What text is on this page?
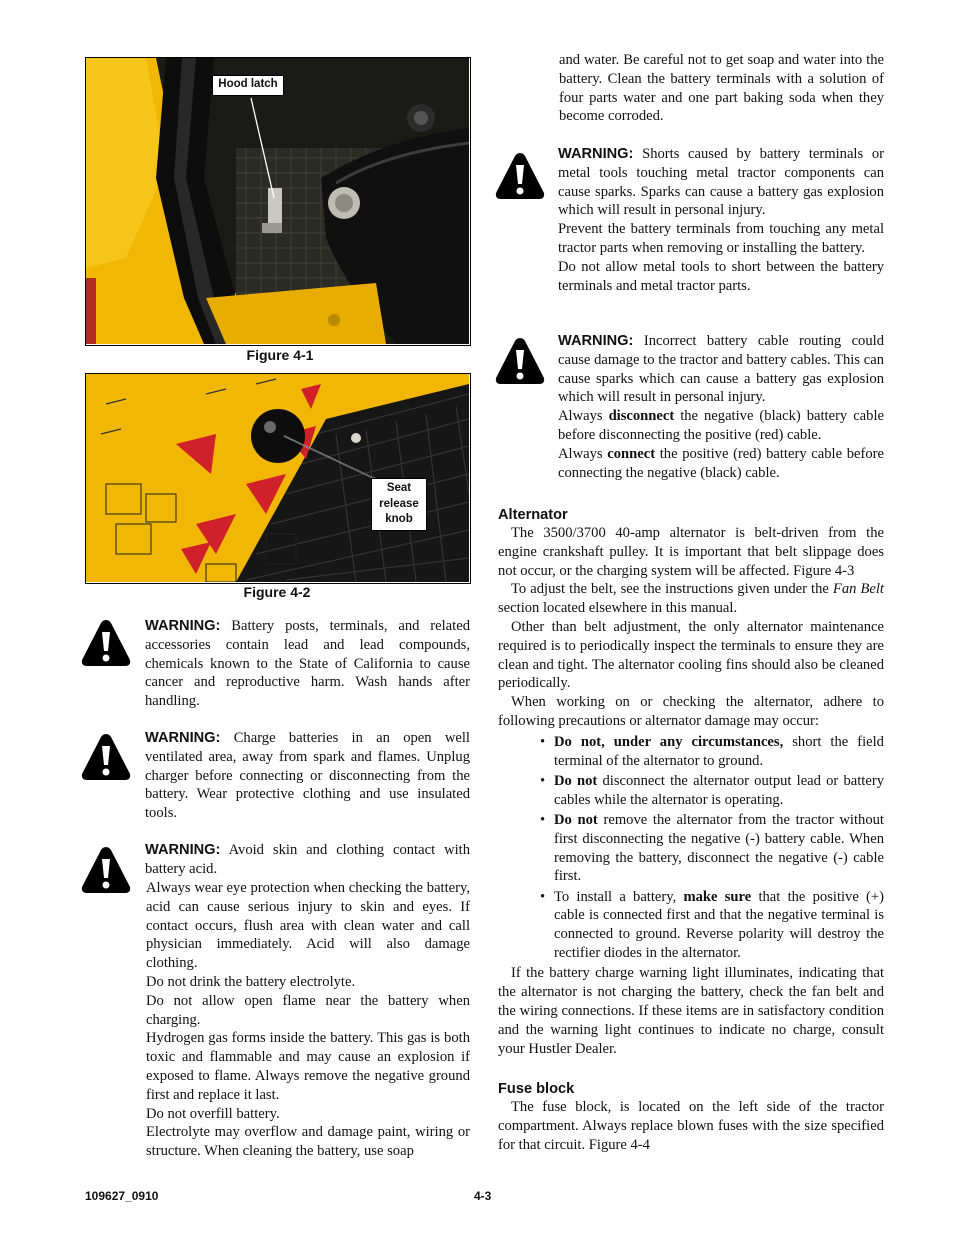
Hood latch
Figure 4-1
Seat
release
knob
Figure 4-2
WARNING: Battery posts, terminals, and related accessories contain lead and lead compounds, chemicals known to the State of California to cause cancer and reproductive harm. Wash hands after handling.
WARNING: Charge batteries in an open well ventilated area, away from spark and flames. Unplug charger before connecting or disconnecting from the battery. Wear protective clothing and use insulated tools.
WARNING: Avoid skin and clothing contact with battery acid.

Always wear eye protection when checking the battery, acid can cause serious injury to skin and eyes. If contact occurs, flush area with clean water and call physician immediately. Acid will also damage clothing.

Do not drink the battery electrolyte.

Do not allow open flame near the battery when charging.

Hydrogen gas forms inside the battery. This gas is both toxic and flammable and may cause an explosion if exposed to flame. Always remove the negative ground first and replace it last.

Do not overfill battery.

Electrolyte may overflow and damage paint, wiring or structure. When cleaning the battery, use soap

and water. Be careful not to get soap and water into the battery. Clean the battery terminals with a solution of four parts water and one part baking soda when they become corroded.

WARNING: Shorts caused by battery terminals or metal tools touching metal tractor components can cause sparks. Sparks can cause a battery gas explosion which will result in personal injury.

Prevent the battery terminals from touching any metal tractor parts when removing or installing the battery.

Do not allow metal tools to short between the battery terminals and metal tractor parts.

WARNING: Incorrect battery cable routing could cause damage to the tractor and battery cables. This can cause sparks which can cause a battery gas explosion which will result in personal injury.

Always disconnect the negative (black) battery cable before disconnecting the positive (red) cable.

Always connect the positive (red) battery cable before connecting the negative (black) cable.

Alternator

The 3500/3700 40-amp alternator is belt-driven from the engine crankshaft pulley. It is important that belt slippage does not occur, or the charging system will be affected. Figure 4-3

To adjust the belt, see the instructions given under the Fan Belt section located elsewhere in this manual.

Other than belt adjustment, the only alternator maintenance required is to periodically inspect the terminals to ensure they are clean and tight. The alternator cooling fins should also be cleaned periodically.

When working on or checking the alternator, adhere to following precautions or alternator damage may occur:

• Do not, under any circumstances, short the field terminal of the alternator to ground.
• Do not disconnect the alternator output lead or battery cables while the alternator is operating.
• Do not remove the alternator from the tractor without first disconnecting the negative (-) battery cable. When removing the battery, disconnect the negative (-) cable first.
• To install a battery, make sure that the positive (+) cable is connected first and that the negative terminal is connected to ground. Reverse polarity will destroy the rectifier diodes in the alternator.

If the battery charge warning light illuminates, indicating that the alternator is not charging the battery, check the fan belt and the wiring connections. If these items are in satisfactory condition and the warning light continues to indicate no charge, consult your Hustler Dealer.

Fuse block

The fuse block, is located on the left side of the tractor compartment. Always replace blown fuses with the size specified for that circuit. Figure 4-4

109627_0910	4-3
